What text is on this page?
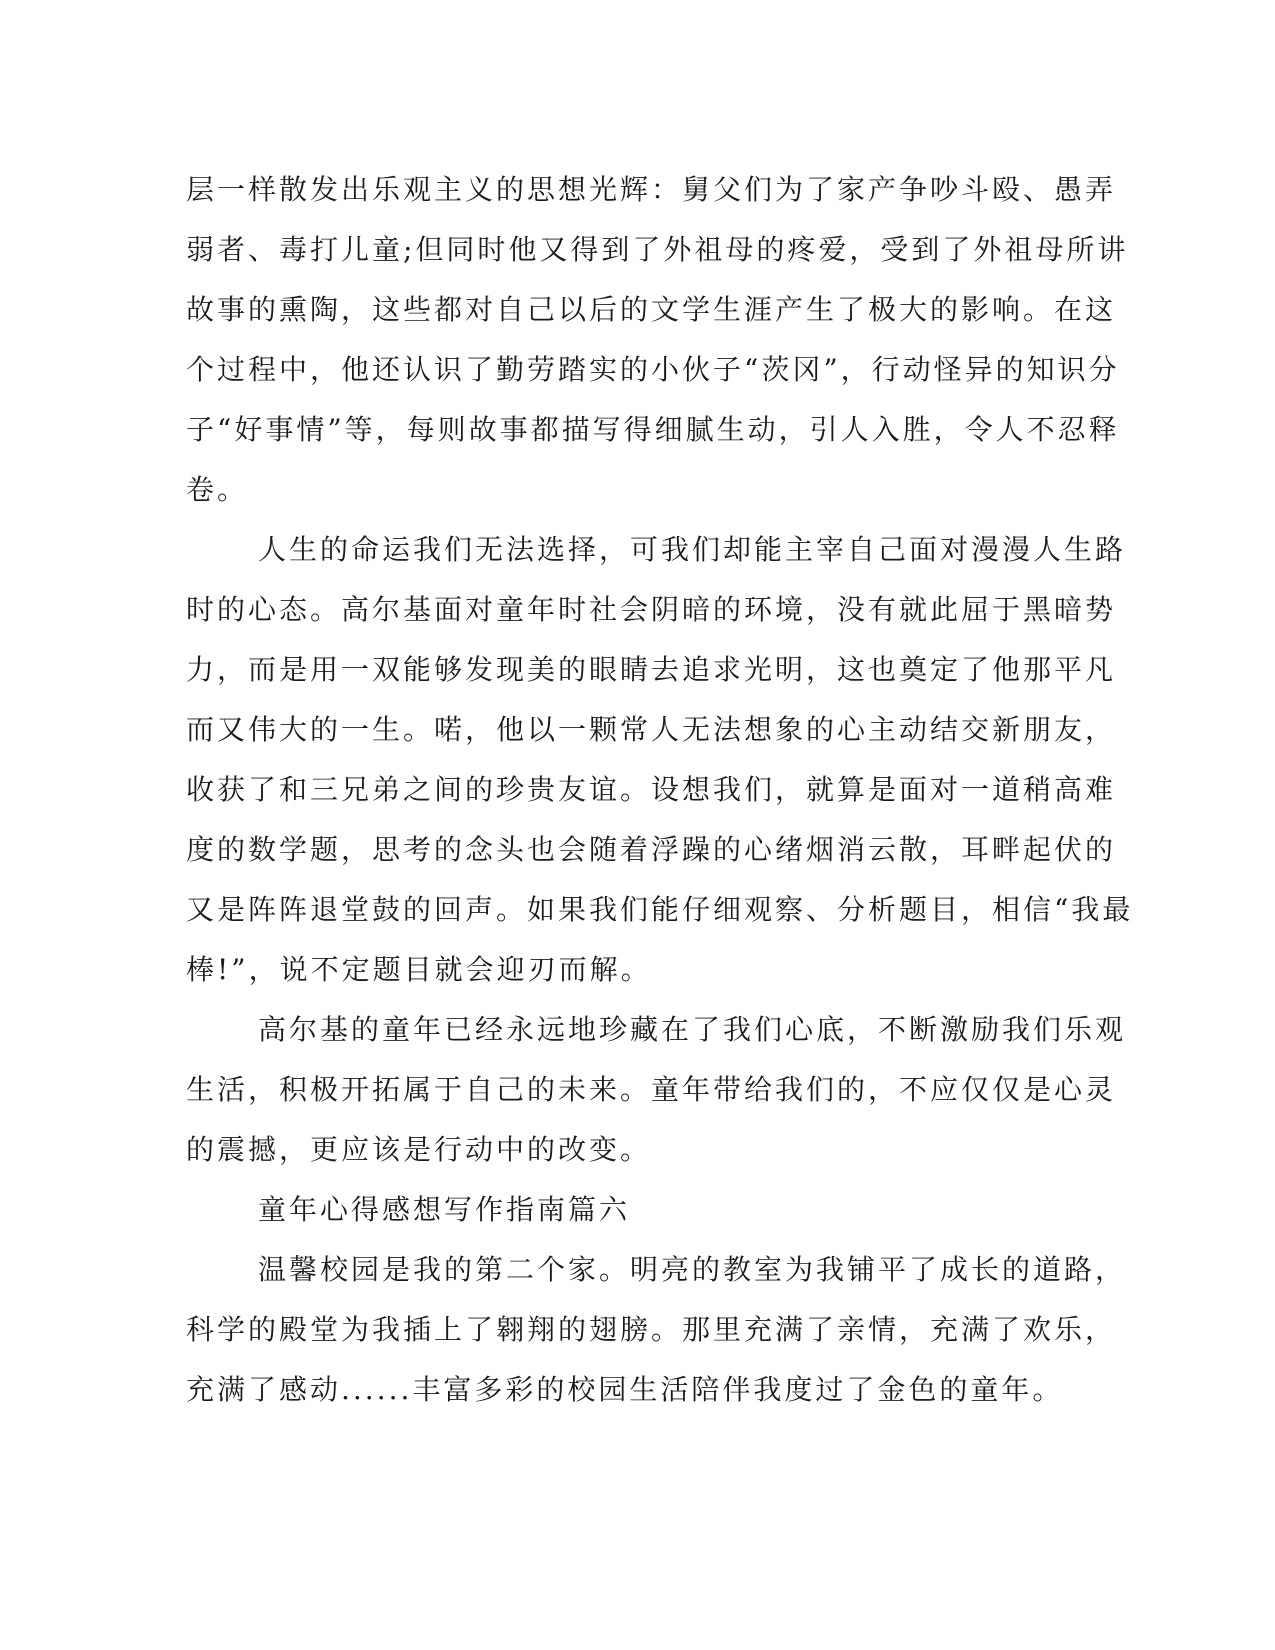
层一样散发出乐观主义的思想光辉：舅父们为了家产争吵斗殴、愚弄
弱者、毒打儿童;但同时他又得到了外祖母的疼爱，受到了外祖母所讲
故事的熏陶，这些都对自己以后的文学生涯产生了极大的影响。在这
个过程中，他还认识了勤劳踏实的小伙子“茨冈”，行动怪异的知识分
子“好事情”等，每则故事都描写得细腻生动，引人入胜，令人不忍释
卷。
人生的命运我们无法选择，可我们却能主宰自己面对漫漫人生路
时的心态。高尔基面对童年时社会阴暗的环境，没有就此屈于黑暗势
力，而是用一双能够发现美的眼睛去追求光明，这也奠定了他那平凡
而又伟大的一生。喏，他以一颗常人无法想象的心主动结交新朋友，
收获了和三兄弟之间的珍贵友谊。设想我们，就算是面对一道稍高难
度的数学题，思考的念头也会随着浮躁的心绪烟消云散，耳畔起伏的
又是阵阵退堂鼓的回声。如果我们能仔细观察、分析题目，相信“我最
棒!”，说不定题目就会迎刃而解。
高尔基的童年已经永远地珍藏在了我们心底，不断激励我们乐观
生活，积极开拓属于自己的未来。童年带给我们的，不应仅仅是心灵
的震撼，更应该是行动中的改变。
童年心得感想写作指南篇六
温馨校园是我的第二个家。明亮的教室为我铺平了成长的道路，
科学的殿堂为我插上了翱翔的翅膀。那里充满了亲情，充满了欢乐，
充满了感动......丰富多彩的校园生活陪伴我度过了金色的童年。
